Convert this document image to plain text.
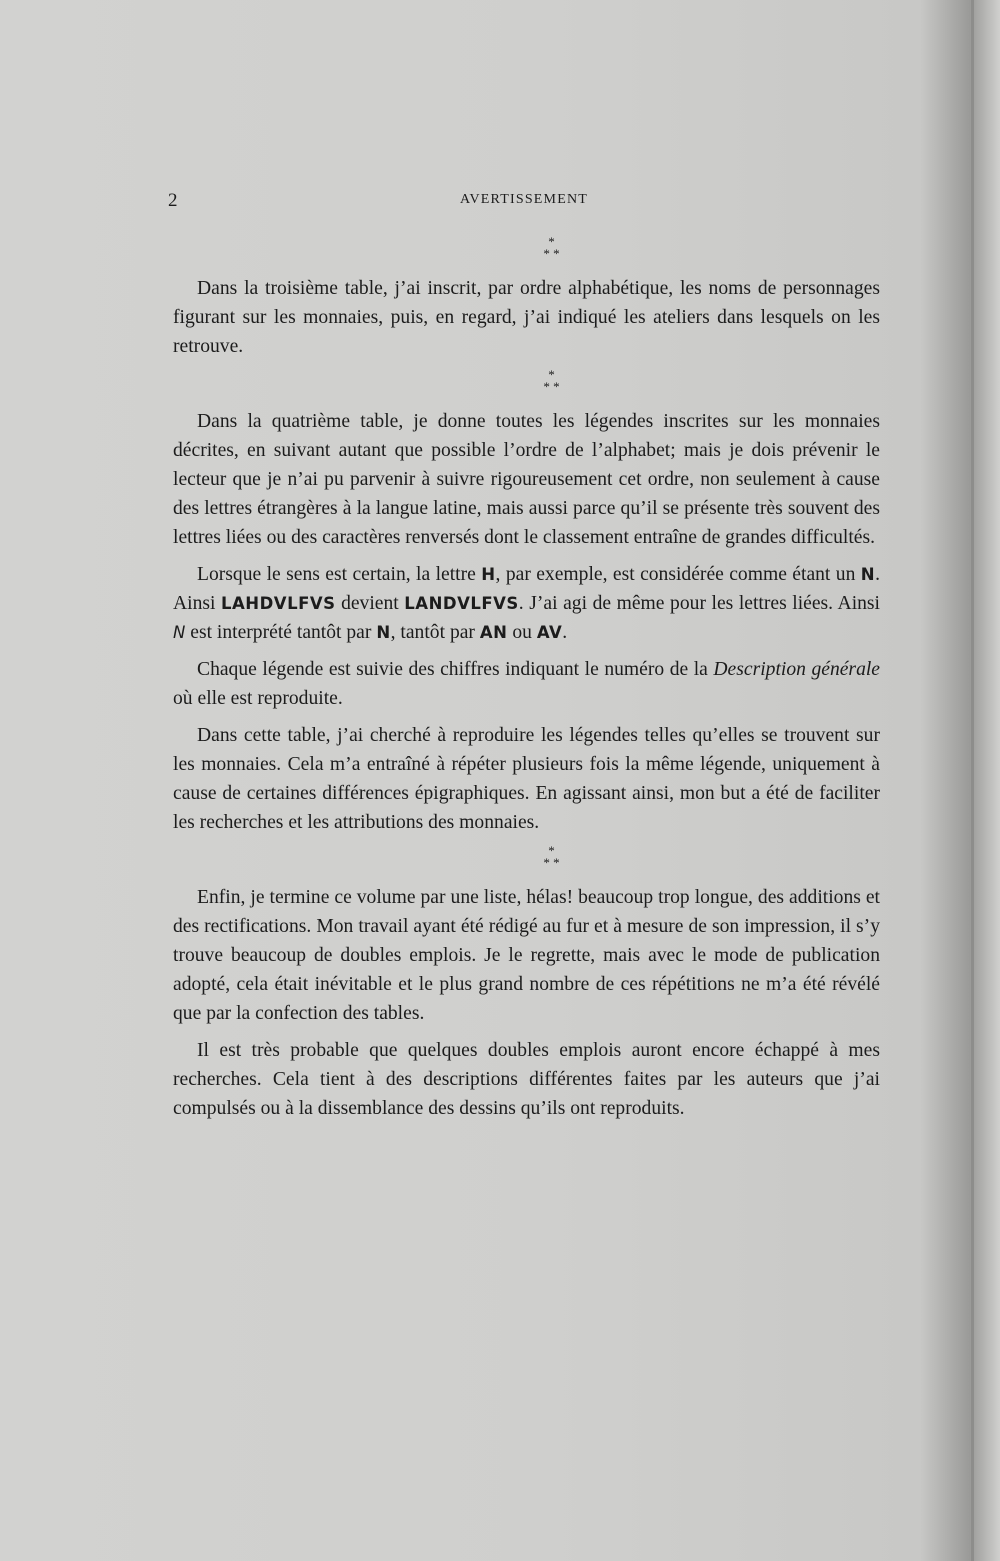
2	AVERTISSEMENT
*
* *

Dans la troisième table, j’ai inscrit, par ordre alphabétique, les noms de personnages figurant sur les monnaies, puis, en regard, j’ai indiqué les ateliers dans lesquels on les retrouve.

*
* *

Dans la quatrième table, je donne toutes les légendes inscrites sur les monnaies décrites, en suivant autant que possible l’ordre de l’alphabet; mais je dois prévenir le lecteur que je n’ai pu parvenir à suivre rigoureusement cet ordre, non seulement à cause des lettres étrangères à la langue latine, mais aussi parce qu’il se présente très souvent des lettres liées ou des caractères renversés dont le classement entraîne de grandes difficultés.

Lorsque le sens est certain, la lettre H, par exemple, est considérée comme étant un N. Ainsi LAHDVLFVS devient LANDVLFVS. J’ai agi de même pour les lettres liées. Ainsi N est interprété tantôt par N, tantôt par AN ou AV.

Chaque légende est suivie des chiffres indiquant le numéro de la Description générale où elle est reproduite.

Dans cette table, j’ai cherché à reproduire les légendes telles qu’elles se trouvent sur les monnaies. Cela m’a entraîné à répéter plusieurs fois la même légende, uniquement à cause de certaines différences épigraphiques. En agissant ainsi, mon but a été de faciliter les recherches et les attributions des monnaies.

*
* *

Enfin, je termine ce volume par une liste, hélas! beaucoup trop longue, des additions et des rectifications. Mon travail ayant été rédigé au fur et à mesure de son impression, il s’y trouve beaucoup de doubles emplois. Je le regrette, mais avec le mode de publication adopté, cela était inévitable et le plus grand nombre de ces répétitions ne m’a été révélé que par la confection des tables.

Il est très probable que quelques doubles emplois auront encore échappé à mes recherches. Cela tient à des descriptions différentes faites par les auteurs que j’ai compulsés ou à la dissemblance des dessins qu’ils ont reproduits.
